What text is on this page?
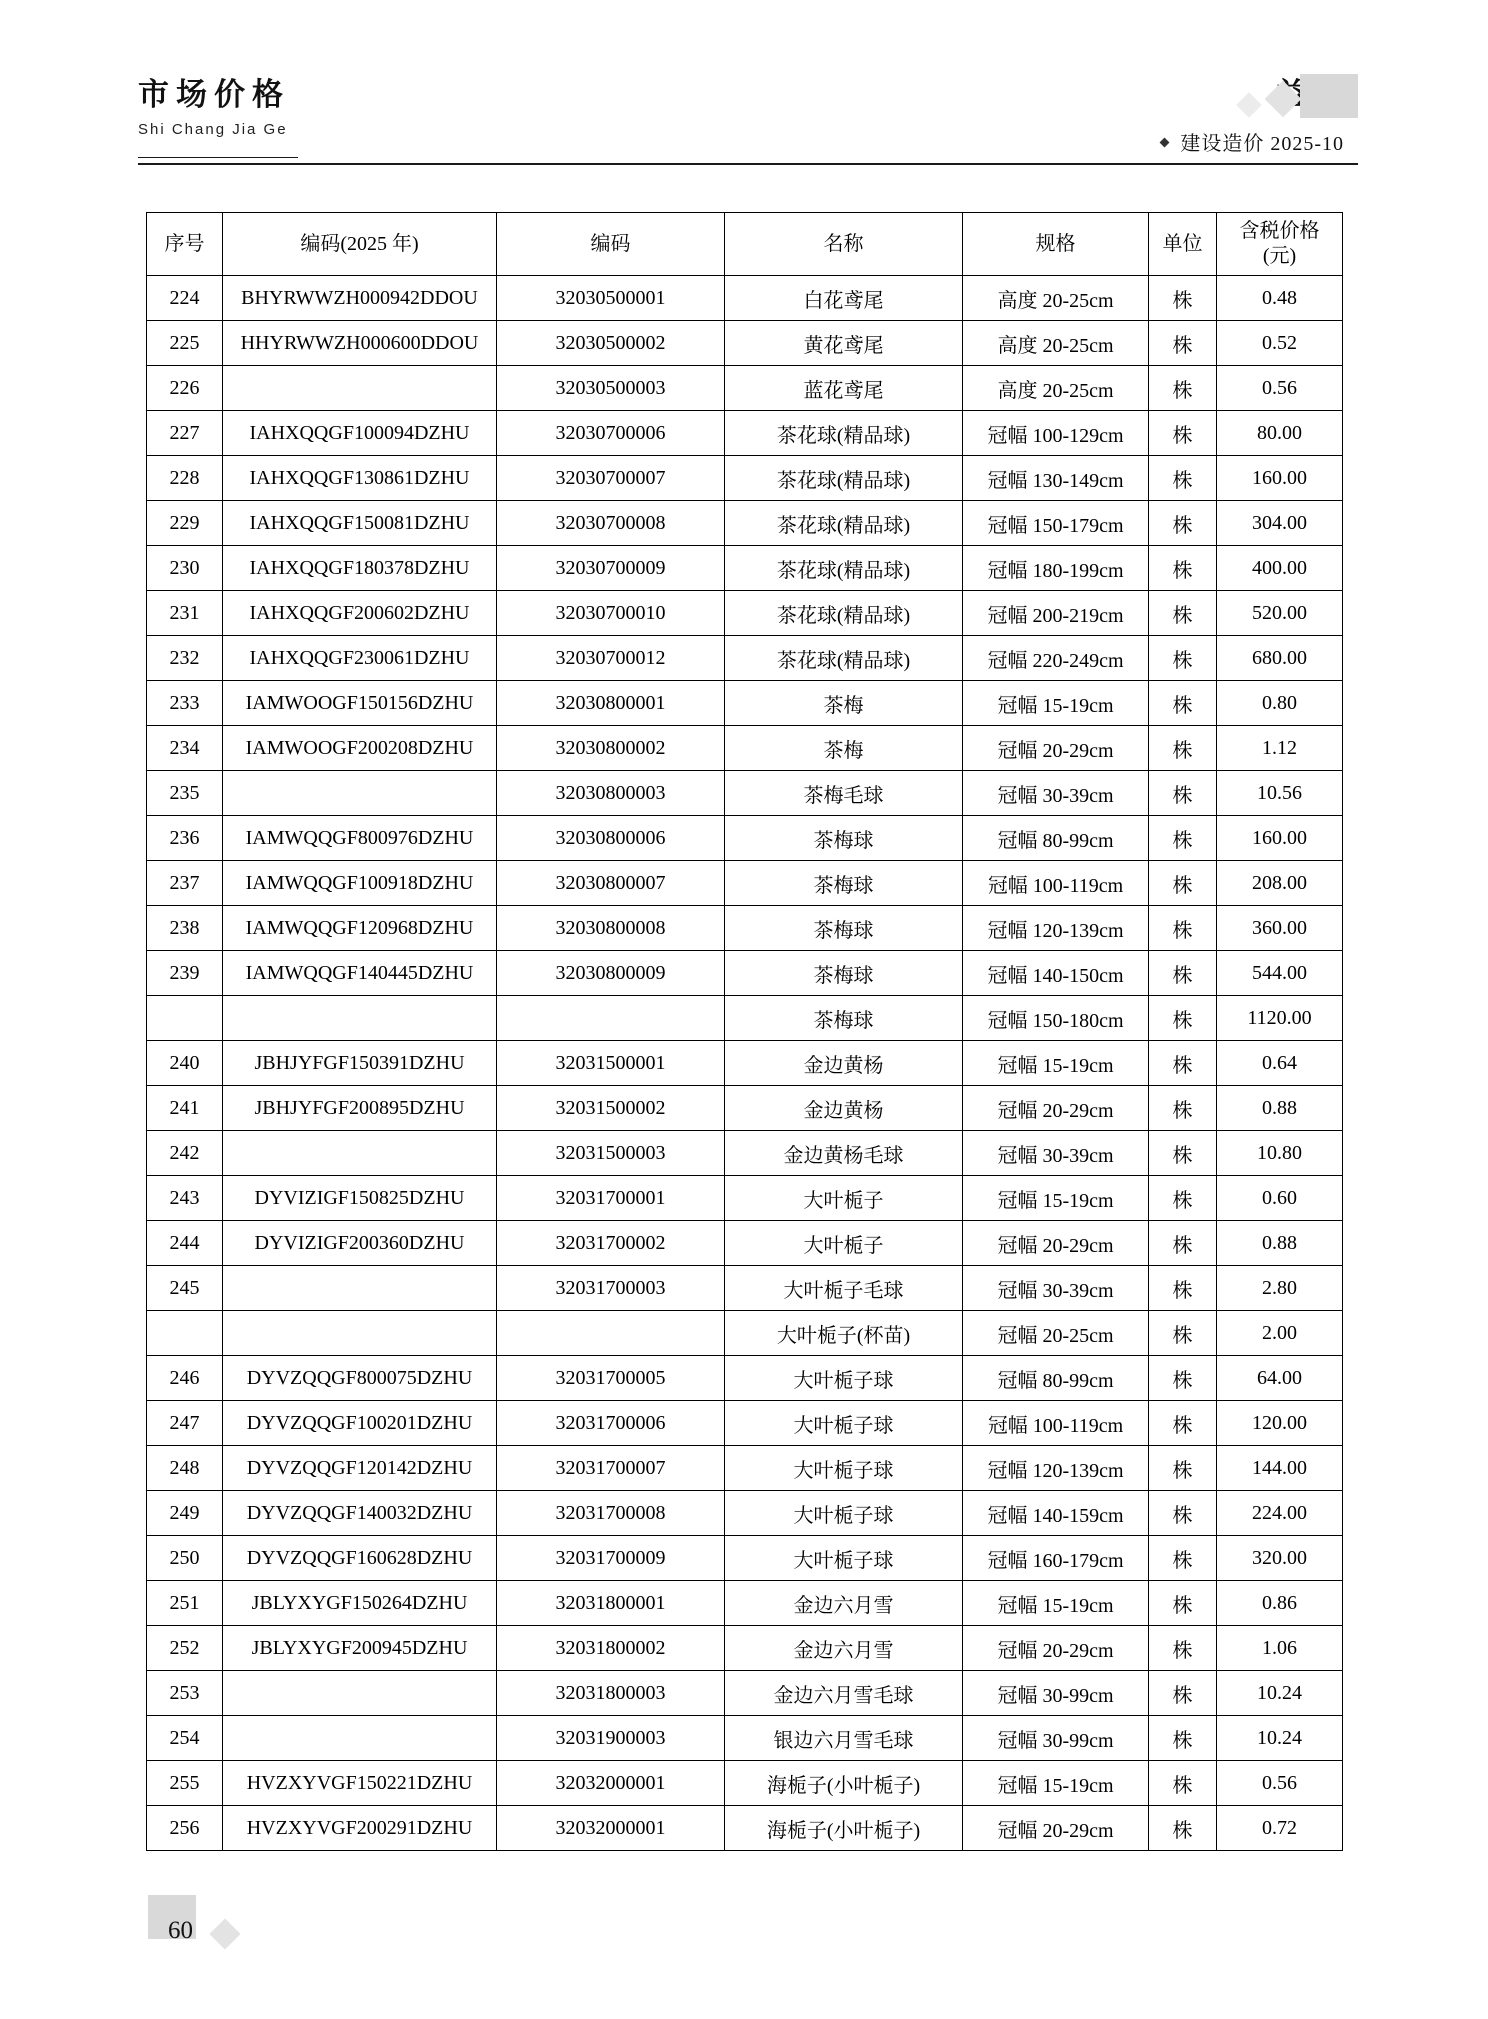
市场价格
Shi Chang Jia Ge
建设造价 2025-10
序号	编码(2025 年)	编码	名称	规格	单位	含税价格
(元)

224	BHYRWWZH000942DDOU	32030500001	白花鸢尾	高度 20-25cm	株	0.48
225	HHYRWWZH000600DDOU	32030500002	黄花鸢尾	高度 20-25cm	株	0.52
226		32030500003	蓝花鸢尾	高度 20-25cm	株	0.56
227	IAHXQQGF100094DZHU	32030700006	茶花球(精品球)	冠幅 100-129cm	株	80.00
228	IAHXQQGF130861DZHU	32030700007	茶花球(精品球)	冠幅 130-149cm	株	160.00
229	IAHXQQGF150081DZHU	32030700008	茶花球(精品球)	冠幅 150-179cm	株	304.00
230	IAHXQQGF180378DZHU	32030700009	茶花球(精品球)	冠幅 180-199cm	株	400.00
231	IAHXQQGF200602DZHU	32030700010	茶花球(精品球)	冠幅 200-219cm	株	520.00
232	IAHXQQGF230061DZHU	32030700012	茶花球(精品球)	冠幅 220-249cm	株	680.00
233	IAMWOOGF150156DZHU	32030800001	茶梅	冠幅 15-19cm	株	0.80
234	IAMWOOGF200208DZHU	32030800002	茶梅	冠幅 20-29cm	株	1.12
235		32030800003	茶梅毛球	冠幅 30-39cm	株	10.56
236	IAMWQQGF800976DZHU	32030800006	茶梅球	冠幅 80-99cm	株	160.00
237	IAMWQQGF100918DZHU	32030800007	茶梅球	冠幅 100-119cm	株	208.00
238	IAMWQQGF120968DZHU	32030800008	茶梅球	冠幅 120-139cm	株	360.00
239	IAMWQQGF140445DZHU	32030800009	茶梅球	冠幅 140-150cm	株	544.00
			茶梅球	冠幅 150-180cm	株	1120.00
240	JBHJYFGF150391DZHU	32031500001	金边黄杨	冠幅 15-19cm	株	0.64
241	JBHJYFGF200895DZHU	32031500002	金边黄杨	冠幅 20-29cm	株	0.88
242		32031500003	金边黄杨毛球	冠幅 30-39cm	株	10.80
243	DYVIZIGF150825DZHU	32031700001	大叶栀子	冠幅 15-19cm	株	0.60
244	DYVIZIGF200360DZHU	32031700002	大叶栀子	冠幅 20-29cm	株	0.88
245		32031700003	大叶栀子毛球	冠幅 30-39cm	株	2.80
			大叶栀子(杯苗)	冠幅 20-25cm	株	2.00
246	DYVZQQGF800075DZHU	32031700005	大叶栀子球	冠幅 80-99cm	株	64.00
247	DYVZQQGF100201DZHU	32031700006	大叶栀子球	冠幅 100-119cm	株	120.00
248	DYVZQQGF120142DZHU	32031700007	大叶栀子球	冠幅 120-139cm	株	144.00
249	DYVZQQGF140032DZHU	32031700008	大叶栀子球	冠幅 140-159cm	株	224.00
250	DYVZQQGF160628DZHU	32031700009	大叶栀子球	冠幅 160-179cm	株	320.00
251	JBLYXYGF150264DZHU	32031800001	金边六月雪	冠幅 15-19cm	株	0.86
252	JBLYXYGF200945DZHU	32031800002	金边六月雪	冠幅 20-29cm	株	1.06
253		32031800003	金边六月雪毛球	冠幅 30-99cm	株	10.24
254		32031900003	银边六月雪毛球	冠幅 30-99cm	株	10.24
255	HVZXYVGF150221DZHU	32032000001	海栀子(小叶栀子)	冠幅 15-19cm	株	0.56
256	HVZXYVGF200291DZHU	32032000001	海栀子(小叶栀子)	冠幅 20-29cm	株	0.72
60
